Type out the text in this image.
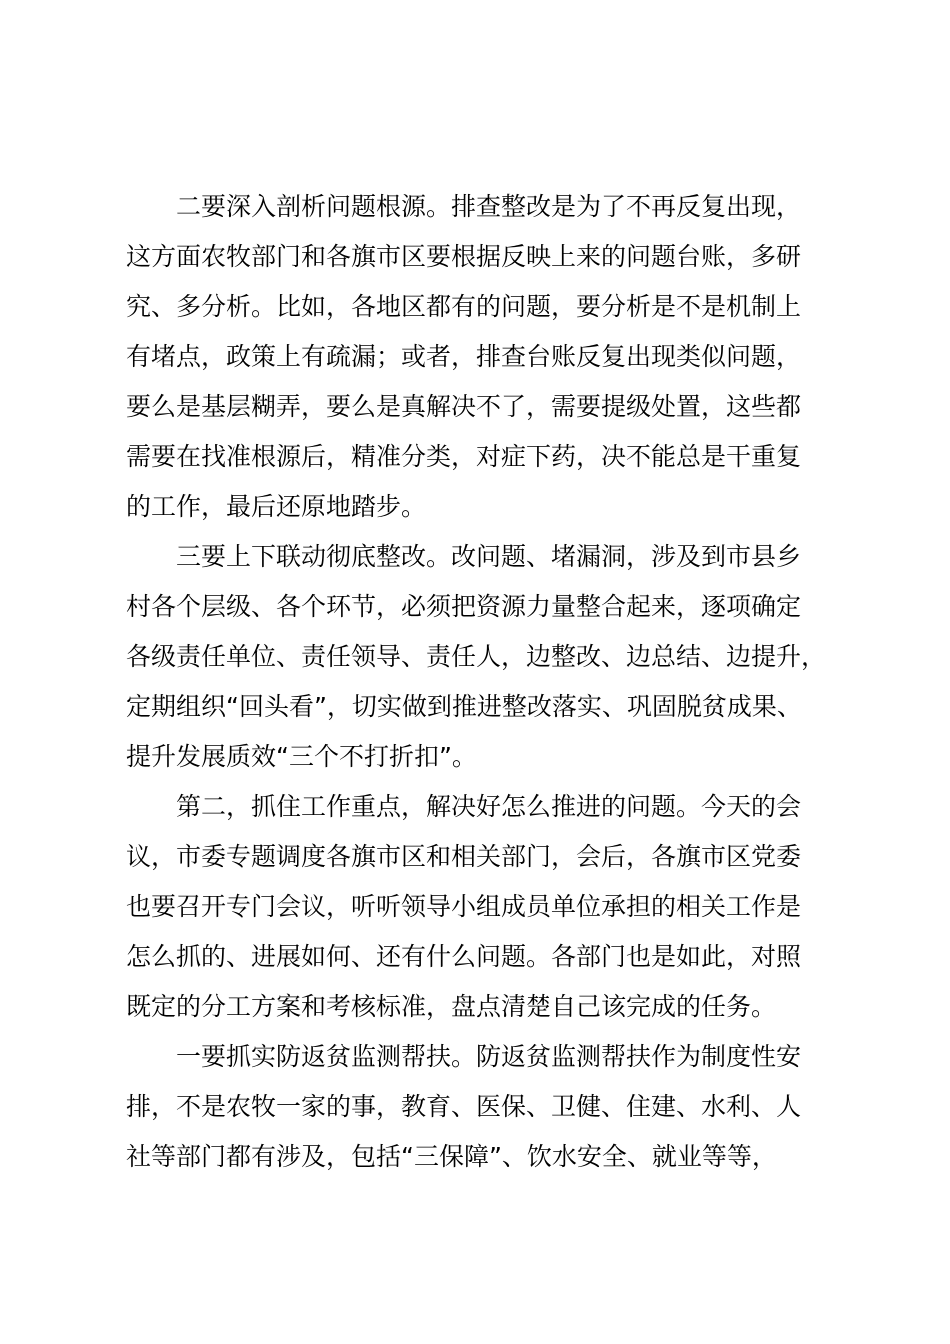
　　二要深入剖析问题根源。排查整改是为了不再反复出现，
这方面农牧部门和各旗市区要根据反映上来的问题台账，多研
究、多分析。比如，各地区都有的问题，要分析是不是机制上
有堵点，政策上有疏漏；或者，排查台账反复出现类似问题，
要么是基层糊弄，要么是真解决不了，需要提级处置，这些都
需要在找准根源后，精准分类，对症下药，决不能总是干重复
的工作，最后还原地踏步。
　　三要上下联动彻底整改。改问题、堵漏洞，涉及到市县乡
村各个层级、各个环节，必须把资源力量整合起来，逐项确定
各级责任单位、责任领导、责任人，边整改、边总结、边提升，
定期组织“回头看”，切实做到推进整改落实、巩固脱贫成果、
提升发展质效“三个不打折扣”。
　　第二，抓住工作重点，解决好怎么推进的问题。今天的会
议，市委专题调度各旗市区和相关部门，会后，各旗市区党委
也要召开专门会议，听听领导小组成员单位承担的相关工作是
怎么抓的、进展如何、还有什么问题。各部门也是如此，对照
既定的分工方案和考核标准，盘点清楚自己该完成的任务。
　　一要抓实防返贫监测帮扶。防返贫监测帮扶作为制度性安
排，不是农牧一家的事，教育、医保、卫健、住建、水利、人
社等部门都有涉及，包括“三保障”、饮水安全、就业等等，
